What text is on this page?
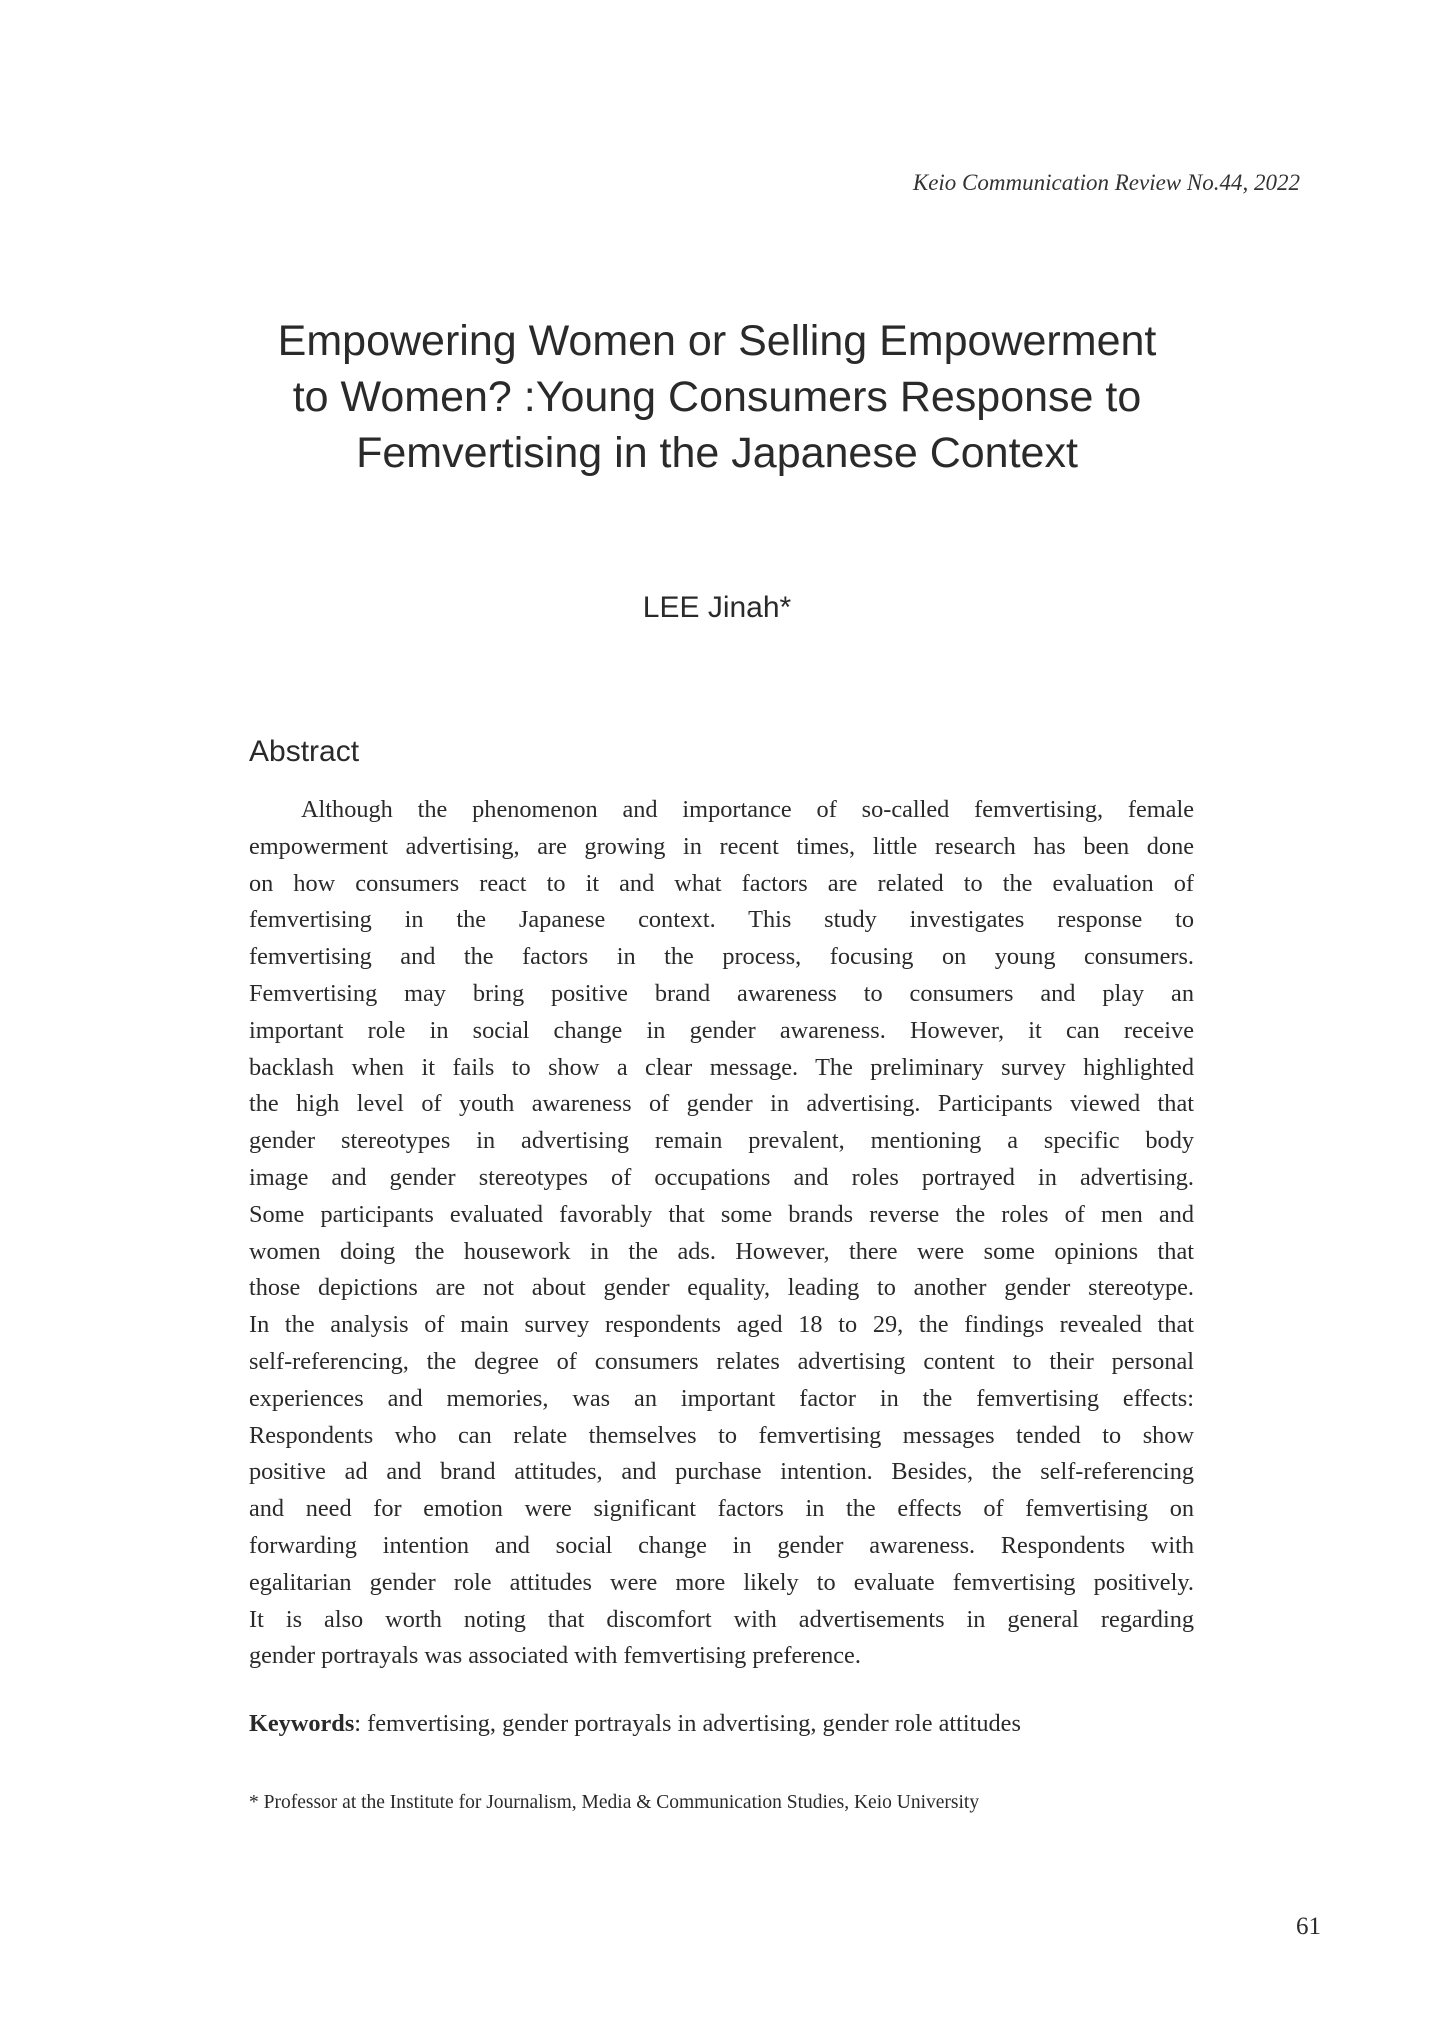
Keio Communication Review No.44, 2022
Empowering Women or Selling Empowerment
to Women? :Young Consumers Response to
Femvertising in the Japanese Context
LEE Jinah*
Abstract
Although the phenomenon and importance of so-called femvertising, female
empowerment advertising, are growing in recent times, little research has been done
on how consumers react to it and what factors are related to the evaluation of
femvertising in the Japanese context. This study investigates response to
femvertising and the factors in the process, focusing on young consumers.
Femvertising may bring positive brand awareness to consumers and play an
important role in social change in gender awareness. However, it can receive
backlash when it fails to show a clear message. The preliminary survey highlighted
the high level of youth awareness of gender in advertising. Participants viewed that
gender stereotypes in advertising remain prevalent, mentioning a specific body
image and gender stereotypes of occupations and roles portrayed in advertising.
Some participants evaluated favorably that some brands reverse the roles of men and
women doing the housework in the ads. However, there were some opinions that
those depictions are not about gender equality, leading to another gender stereotype.
In the analysis of main survey respondents aged 18 to 29, the findings revealed that
self-referencing, the degree of consumers relates advertising content to their personal
experiences and memories, was an important factor in the femvertising effects:
Respondents who can relate themselves to femvertising messages tended to show
positive ad and brand attitudes, and purchase intention. Besides, the self-referencing
and need for emotion were significant factors in the effects of femvertising on
forwarding intention and social change in gender awareness. Respondents with
egalitarian gender role attitudes were more likely to evaluate femvertising positively.
It is also worth noting that discomfort with advertisements in general regarding
gender portrayals was associated with femvertising preference.

Keywords: femvertising, gender portrayals in advertising, gender role attitudes

* Professor at the Institute for Journalism, Media & Communication Studies, Keio University

61
